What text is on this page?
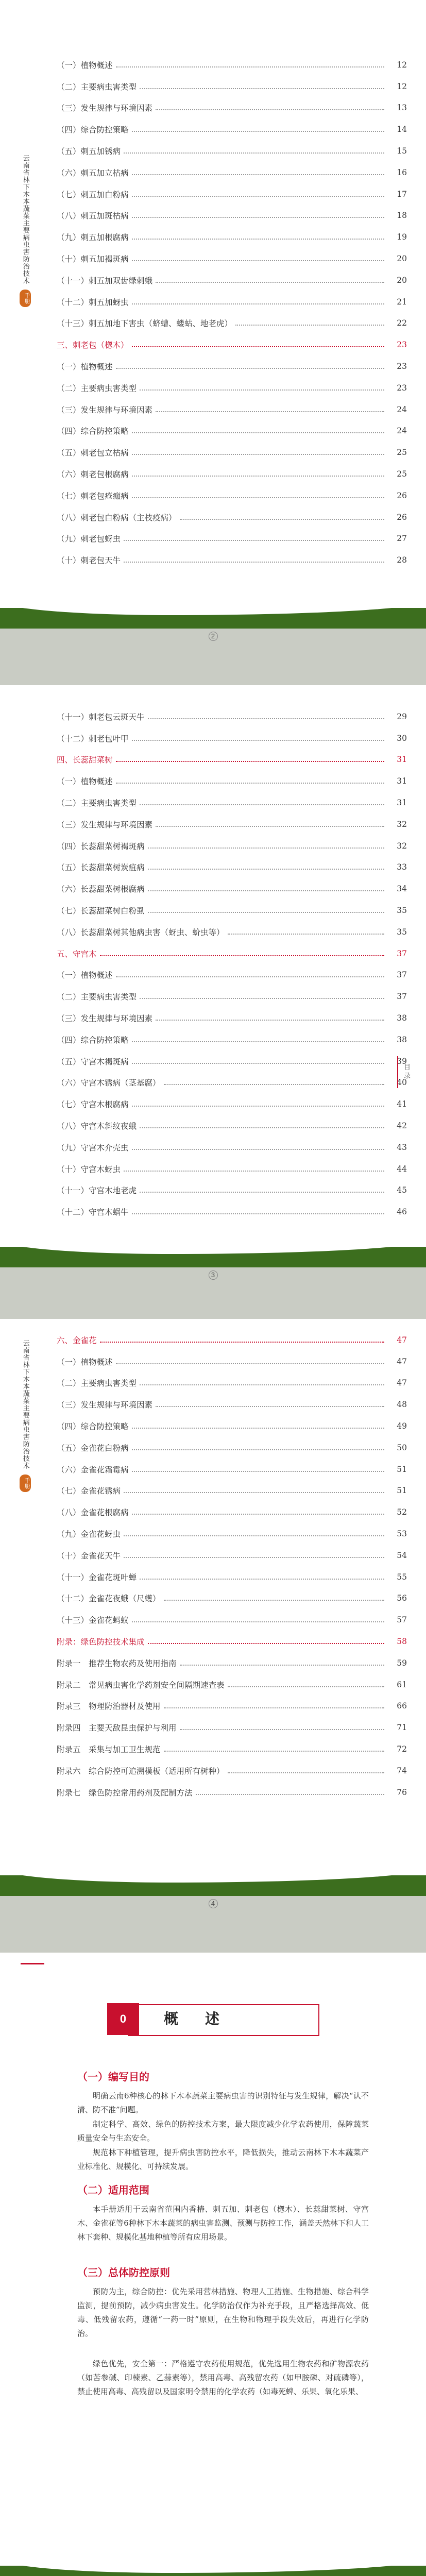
云南省林下木本蔬菜主要病虫害防治技术
手册
（一）植物概述	12
（二）主要病虫害类型	12
（三）发生规律与环境因素	13
（四）综合防控策略	14
（五）刺五加锈病	15
（六）刺五加立枯病	16
（七）刺五加白粉病	17
（八）刺五加斑枯病	18
（九）刺五加根腐病	19
（十）刺五加褐斑病	20
（十一）刺五加双齿绿刺蛾	20
（十二）刺五加蚜虫	21
（十三）刺五加地下害虫（蛴螬、蝼蛄、地老虎）	22
三、刺老包（楤木）	23
（一）植物概述	23
（二）主要病虫害类型	23
（三）发生规律与环境因素	24
（四）综合防控策略	24
（五）刺老包立枯病	25
（六）刺老包根腐病	25
（七）刺老包疮痂病	26
（八）刺老包白粉病（主枝疫病）	26
（九）刺老包蚜虫	27
（十）刺老包天牛	28
2
（十一）刺老包云斑天牛	29
（十二）刺老包叶甲	30
四、长蕊甜菜树	31
（一）植物概述	31
（二）主要病虫害类型	31
（三）发生规律与环境因素	32
（四）长蕊甜菜树褐斑病	32
（五）长蕊甜菜树炭疽病	33
（六）长蕊甜菜树根腐病	34
（七）长蕊甜菜树白粉虱	35
（八）长蕊甜菜树其他病虫害（蚜虫、蚧虫等）	35
五、守宫木	37
（一）植物概述	37
（二）主要病虫害类型	37
（三）发生规律与环境因素	38
（四）综合防控策略	38
（五）守宫木褐斑病	39
（六）守宫木锈病（茎基腐）	40
（七）守宫木根腐病	41
（八）守宫木斜纹夜蛾	42
（九）守宫木介壳虫	43
（十）守宫木蚜虫	44
（十一）守宫木地老虎	45
（十二）守宫木蜗牛	46
目录
3
云南省林下木本蔬菜主要病虫害防治技术
手册
六、金雀花	47
（一）植物概述	47
（二）主要病虫害类型	47
（三）发生规律与环境因素	48
（四）综合防控策略	49
（五）金雀花白粉病	50
（六）金雀花霜霉病	51
（七）金雀花锈病	51
（八）金雀花根腐病	52
（九）金雀花蚜虫	53
（十）金雀花天牛	54
（十一）金雀花斑叶蝉	55
（十二）金雀花夜蛾（尺蠖）	56
（十三）金雀花蚂蚁	57
附录：绿色防控技术集成	58
附录一　推荐生物农药及使用指南	59
附录二　常见病虫害化学药剂安全间隔期速查表	61
附录三　物理防治器材及使用	66
附录四　主要天敌昆虫保护与利用	71
附录五　采集与加工卫生规范	72
附录六　综合防控可追溯模板（适用所有树种）	74
附录七　绿色防控常用药剂及配制方法	76
4
0	概　述
（一）编写目的
明确云南6种核心的林下木本蔬菜主要病虫害的识别特征与发生规律，解决“认不清、防不准”问题。
制定科学、高效、绿色的防控技术方案，最大限度减少化学农药使用，保障蔬菜质量安全与生态安全。
规范林下种植管理，提升病虫害防控水平，降低损失，推动云南林下木本蔬菜产业标准化、规模化、可持续发展。
（二）适用范围
本手册适用于云南省范围内香椿、刺五加、刺老包（楤木）、长蕊甜菜树、守宫木、金雀花等6种林下木本蔬菜的病虫害监测、预测与防控工作，涵盖天然林下和人工林下套种、规模化基地种植等所有应用场景。
（三）总体防控原则
预防为主，综合防控：优先采用营林措施、物理人工措施、生物措施、综合科学监测，提前预防，减少病虫害发生。化学防治仅作为补充手段，且严格选择高效、低毒、低残留农药，遵循“一药一时”原则，在生物和物理手段失效后，再进行化学防治。
绿色优先，安全第一：严格遵守农药使用规范，优先选用生物农药和矿物源农药（如苦参碱、印楝素、乙蒜素等），禁用高毒、高残留农药（如甲胺磷、对硫磷等），禁止使用高毒、高残留以及国家明令禁用的化学农药（如毒死蜱、乐果、氧化乐果、
